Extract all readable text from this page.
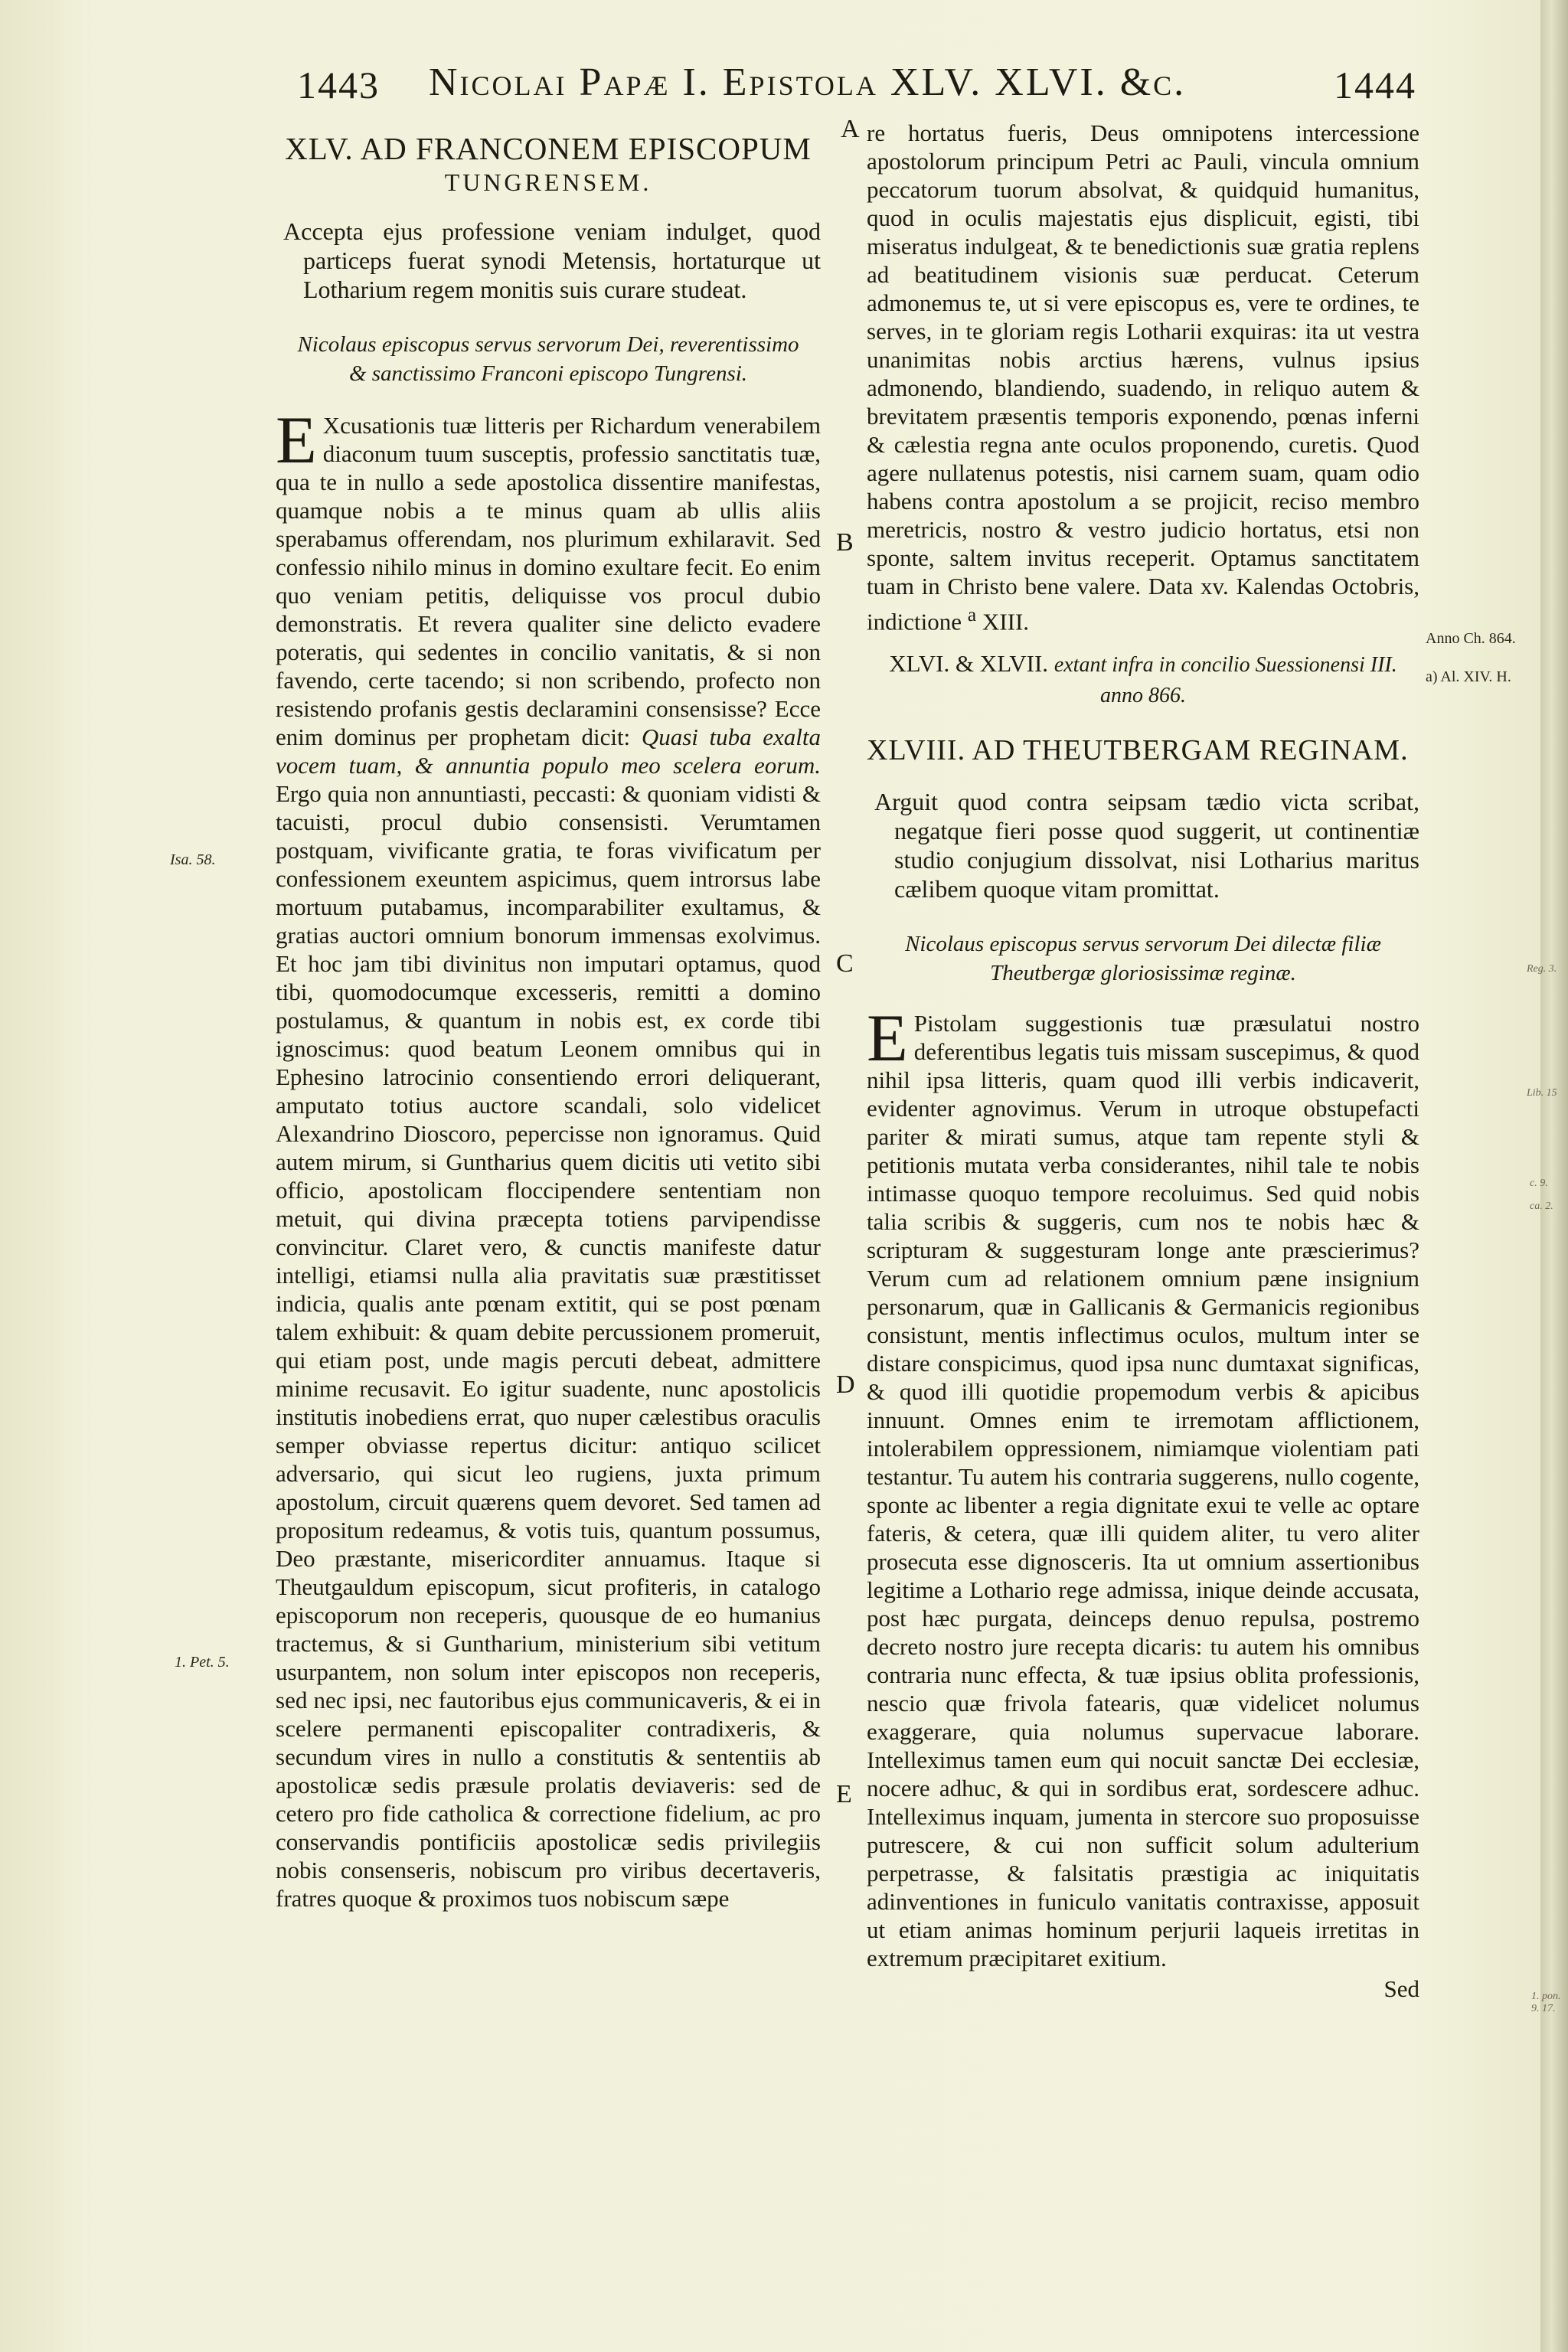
1443 Nicolai Papæ I. Epistola XLV. XLVI. &c.	1444
A
B
C
D
E
Isa. 58.
1. Pet. 5.
Anno Ch. 864.
a) Al. XIV. H.
Reg. 3.
Lib. 15
c. 9.
ca. 2.
1. pon. 9. 17.
XLV. AD FRANCONEM EPISCOPUM
TUNGRENSEM.

Accepta ejus professione veniam indulget, quod particeps fuerat synodi Metensis, hortaturque ut Lotharium regem monitis suis curare studeat.

Nicolaus episcopus servus servorum Dei, reverentissimo & sanctissimo Franconi episcopo Tungrensi.

E Xcusationis tuæ litteris per Richardum venerabilem diaconum tuum susceptis, professio sanctitatis tuæ, qua te in nullo a sede apostolica dissentire manifestas, quamque nobis a te minus quam ab ullis aliis sperabamus offerendam, nos plurimum exhilaravit. Sed confessio nihilo minus in domino exultare fecit. Eo enim quo veniam petitis, deliquisse vos procul dubio demonstratis. Et revera qualiter sine delicto evadere poteratis, qui sedentes in concilio vanitatis, & si non favendo, certe tacendo; si non scribendo, profecto non resistendo profanis gestis declaramini consensisse? Ecce enim dominus per prophetam dicit: Quasi tuba exalta vocem tuam, & annuntia populo meo scelera eorum. Ergo quia non annuntiasti, peccasti: & quoniam vidisti & tacuisti, procul dubio consensisti. Verumtamen postquam, vivificante gratia, te foras vivificatum per confessionem exeuntem aspicimus, quem introrsus labe mortuum putabamus, incomparabiliter exultamus, & gratias auctori omnium bonorum immensas exolvimus. Et hoc jam tibi divinitus non imputari optamus, quod tibi, quomodocumque excesseris, remitti a domino postulamus, & quantum in nobis est, ex corde tibi ignoscimus: quod beatum Leonem omnibus qui in Ephesino latrocinio consentiendo errori deliquerant, amputato totius auctore scandali, solo videlicet Alexandrino Dioscoro, pepercisse non ignoramus. Quid autem mirum, si Guntharius quem dicitis uti vetito sibi officio, apostolicam floccipendere sententiam non metuit, qui divina præcepta totiens parvipendisse convincitur. Claret vero, & cunctis manifeste datur intelligi, etiamsi nulla alia pravitatis suæ præstitisset indicia, qualis ante pœnam extitit, qui se post pœnam talem exhibuit: & quam debite percussionem promeruit, qui etiam post, unde magis percuti debeat, admittere minime recusavit. Eo igitur suadente, nunc apostolicis institutis inobediens errat, quo nuper cælestibus oraculis semper obviasse repertus dicitur: antiquo scilicet adversario, qui sicut leo rugiens, juxta primum apostolum, circuit quærens quem devoret. Sed tamen ad propositum redeamus, & votis tuis, quantum possumus, Deo præstante, misericorditer annuamus. Itaque si Theutgauldum episcopum, sicut profiteris, in catalogo episcoporum non receperis, quousque de eo humanius tractemus, & si Guntharium, ministerium sibi vetitum usurpantem, non solum inter episcopos non receperis, sed nec ipsi, nec fautoribus ejus communicaveris, & ei in scelere permanenti episcopaliter contradixeris, & secundum vires in nullo a constitutis & sententiis ab apostolicæ sedis præsule prolatis deviaveris: sed de cetero pro fide catholica & correctione fidelium, ac pro conservandis pontificiis apostolicæ sedis privilegiis nobis consenseris, nobiscum pro viribus decertaveris, fratres quoque & proximos tuos nobiscum sæpe

re hortatus fueris, Deus omnipotens intercessione apostolorum principum Petri ac Pauli, vincula omnium peccatorum tuorum absolvat, & quidquid humanitus, quod in oculis majestatis ejus displicuit, egisti, tibi miseratus indulgeat, & te benedictionis suæ gratia replens ad beatitudinem visionis suæ perducat. Ceterum admonemus te, ut si vere episcopus es, vere te ordines, te serves, in te gloriam regis Lotharii exquiras: ita ut vestra unanimitas nobis arctius hærens, vulnus ipsius admonendo, blandiendo, suadendo, in reliquo autem & brevitatem præsentis temporis exponendo, pœnas inferni & cælestia regna ante oculos proponendo, curetis. Quod agere nullatenus potestis, nisi carnem suam, quam odio habens contra apostolum a se projicit, reciso membro meretricis, nostro & vestro judicio hortatus, etsi non sponte, saltem invitus receperit. Optamus sanctitatem tuam in Christo bene valere. Data xv. Kalendas Octobris, indictione $^a$ XIII.

XLVI. & XLVII. extant infra in concilio Suessionensi III. anno 866.

XLVIII. AD THEUTBERGAM REGINAM.

Arguit quod contra seipsam tædio victa scribat, negatque fieri posse quod suggerit, ut continentiæ studio conjugium dissolvat, nisi Lotharius maritus cælibem quoque vitam promittat.

Nicolaus episcopus servus servorum Dei dilectæ filiæ Theutbergæ gloriosissimæ reginæ.

E Pistolam suggestionis tuæ præsulatui nostro deferentibus legatis tuis missam suscepimus, & quod nihil ipsa litteris, quam quod illi verbis indicaverit, evidenter agnovimus. Verum in utroque obstupefacti pariter & mirati sumus, atque tam repente styli & petitionis mutata verba considerantes, nihil tale te nobis intimasse quoquo tempore recoluimus. Sed quid nobis talia scribis & suggeris, cum nos te nobis hæc & scripturam & suggesturam longe ante præscierimus? Verum cum ad relationem omnium pæne insignium personarum, quæ in Gallicanis & Germanicis regionibus consistunt, mentis inflectimus oculos, multum inter se distare conspicimus, quod ipsa nunc dumtaxat significas, & quod illi quotidie propemodum verbis & apicibus innuunt. Omnes enim te irremotam afflictionem, intolerabilem oppressionem, nimiamque violentiam pati testantur. Tu autem his contraria suggerens, nullo cogente, sponte ac libenter a regia dignitate exui te velle ac optare fateris, & cetera, quæ illi quidem aliter, tu vero aliter prosecuta esse dignosceris. Ita ut omnium assertionibus legitime a Lothario rege admissa, inique deinde accusata, post hæc purgata, deinceps denuo repulsa, postremo decreto nostro jure recepta dicaris: tu autem his omnibus contraria nunc effecta, & tuæ ipsius oblita professionis, nescio quæ frivola fatearis, quæ videlicet nolumus exaggerare, quia nolumus supervacue laborare. Intelleximus tamen eum qui nocuit sanctæ Dei ecclesiæ, nocere adhuc, & qui in sordibus erat, sordescere adhuc. Intelleximus inquam, jumenta in stercore suo proposuisse putrescere, & cui non sufficit solum adulterium perpetrasse, & falsitatis præstigia ac iniquitatis adinventiones in funiculo vanitatis contraxisse, apposuit ut etiam animas hominum perjurii laqueis irretitas in extremum præcipitaret exitium.

Sed
